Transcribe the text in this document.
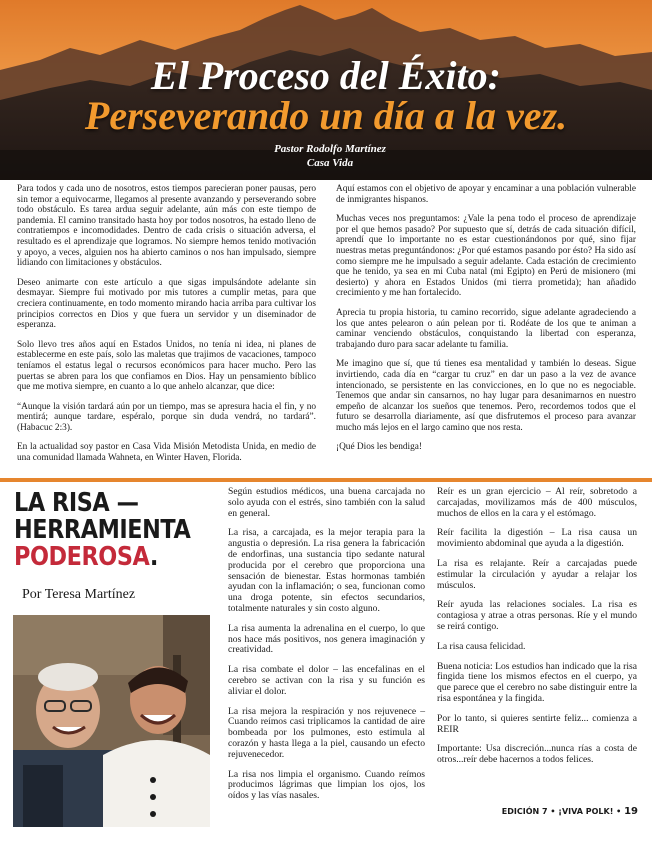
El Proceso del Éxito:
Perseverando un día a la vez.
Pastor Rodolfo Martínez
Casa Vida

Para todos y cada uno de nosotros, estos tiempos parecieran poner pausas, pero sin temor a equivocarme, llegamos al presente avanzando y perseverando sobre todo obstáculo. Es tarea ardua seguir adelante, aún más con este tiempo de pandemia. El camino transitado hasta hoy por todos nosotros, ha estado lleno de contratiempos e incomodidades. Dentro de cada crisis o situación adversa, el resultado es el aprendizaje que logramos. No siempre hemos tenido motivación y apoyo, a veces, alguien nos ha abierto caminos o nos han impulsado, siempre lidiando con limitaciones y obstáculos.

Deseo animarte con este artículo a que sigas impulsándote adelante sin desmayar. Siempre fui motivado por mis tutores a cumplir metas, para que creciera continuamente, en todo momento mirando hacia arriba para cultivar los principios correctos en Dios y que fuera un servidor y un diseminador de esperanza.

Solo llevo tres años aquí en Estados Unidos, no tenía ni idea, ni planes de establecerme en este país, solo las maletas que trajimos de vacaciones, tampoco teníamos el estatus legal o recursos económicos para hacer mucho. Pero las puertas se abren para los que confiamos en Dios. Hay un pensamiento bíblico que me motiva siempre, en cuanto a lo que anhelo alcanzar, que dice:

“Aunque la visión tardará aún por un tiempo, mas se apresura hacia el fin, y no mentirá; aunque tardare, espéralo, porque sin duda vendrá, no tardará”. (Habacuc 2:3).

En la actualidad soy pastor en Casa Vida Misión Metodista Unida, en medio de una comunidad llamada Wahneta, en Winter Haven, Florida.

Aquí estamos con el objetivo de apoyar y encaminar a una población vulnerable de inmigrantes hispanos.

Muchas veces nos preguntamos: ¿Vale la pena todo el proceso de aprendizaje por el que hemos pasado? Por supuesto que sí, detrás de cada situación difícil, aprendí que lo importante no es estar cuestionándonos por qué, sino fijar nuestras metas preguntándonos: ¿Por qué estamos pasando por ésto? Ha sido así como siempre me he impulsado a seguir adelante. Cada estación de crecimiento que he tenido, ya sea en mi Cuba natal (mi Egipto) en Perú de misionero (mi desierto) y ahora en Estados Unidos (mi tierra prometida); han añadido crecimiento y me han fortalecido.

Aprecia tu propia historia, tu camino recorrido, sigue adelante agradeciendo a los que antes pelearon o aún pelean por ti. Rodéate de los que te animan a caminar venciendo obstáculos, conquistando la libertad con esperanza, trabajando duro para sacar adelante tu familia.

Me imagino que sí, que tú tienes esa mentalidad y también lo deseas. Sigue invirtiendo, cada día en “cargar tu cruz” en dar un paso a la vez de avance intencionado, se persistente en las convicciones, en lo que no es negociable. Tenemos que andar sin cansarnos, no hay lugar para desanimarnos en nuestro empeño de alcanzar los sueños que tenemos. Pero, recordemos todos que el futuro se desarrolla diariamente, así que disfrutemos el proceso para avanzar mucho más lejos en el largo camino que nos resta.

¡Qué Dios les bendiga!

LA RISA —
HERRAMIENTA
PODEROSA.
Por Teresa Martínez

Según estudios médicos, una buena carcajada no solo ayuda con el estrés, sino también con la salud en general.

La risa, a carcajada, es la mejor terapia para la angustia o depresión. La risa genera la fabricación de endorfinas, una sustancia tipo sedante natural producida por el cerebro que proporciona una sensación de bienestar. Estas hormonas también ayudan con la inflamación; o sea, funcionan como una droga potente, sin efectos secundarios, totalmente naturales y sin costo alguno.

La risa aumenta la adrenalina en el cuerpo, lo que nos hace más positivos, nos genera imaginación y creatividad.

La risa combate el dolor – las encefalinas en el cerebro se activan con la risa y su función es aliviar el dolor.

La risa mejora la respiración y nos rejuvenece – Cuando reímos casi triplicamos la cantidad de aire bombeada por los pulmones, esto estimula al corazón y hasta llega a la piel, causando un efecto rejuvenecedor.

La risa nos limpia el organismo. Cuando reímos producimos lágrimas que limpian los ojos, los oídos y las vías nasales.

Reír es un gran ejercicio – Al reír, sobretodo a carcajadas, movilizamos más de 400 músculos, muchos de ellos en la cara y el estómago.

Reír facilita la digestión – La risa causa un movimiento abdominal que ayuda a la digestión.

La risa es relajante. Reír a carcajadas puede estimular la circulación y ayudar a relajar los músculos.

Reír ayuda las relaciones sociales. La risa es contagiosa y atrae a otras personas. Ríe y el mundo se reirá contigo.

La risa causa felicidad.

Buena noticia: Los estudios han indicado que la risa fingida tiene los mismos efectos en el cuerpo, ya que parece que el cerebro no sabe distinguir entre la risa espontánea y la fingida.

Por lo tanto, si quieres sentirte feliz... comienza a REIR

Importante: Usa discreción...nunca rías a costa de otros...reír debe hacernos a todos felices.

EDICIÓN 7 • ¡VIVA POLK! • 19
